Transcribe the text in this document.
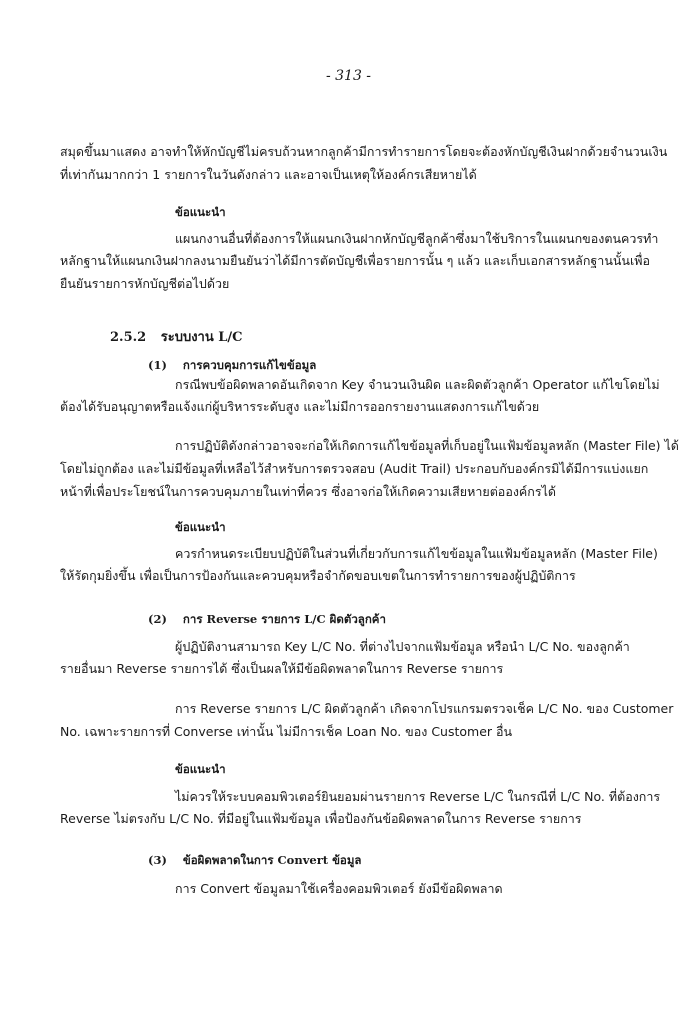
- 313 -
สมุดขึ้นมาแสดง อาจทำให้หักบัญชีไม่ครบถ้วนหากลูกค้ามีการทำรายการโดยจะต้องหักบัญชีเงินฝากด้วยจำนวนเงิน
ที่เท่ากันมากกว่า 1 รายการในวันดังกล่าว และอาจเป็นเหตุให้องค์กรเสียหายได้
ข้อแนะนำ
แผนกงานอื่นที่ต้องการให้แผนกเงินฝากหักบัญชีลูกค้าซึ่งมาใช้บริการในแผนกของตนควรทำ
หลักฐานให้แผนกเงินฝากลงนามยืนยันว่าได้มีการตัดบัญชีเพื่อรายการนั้น ๆ แล้ว และเก็บเอกสารหลักฐานนั้นเพื่อ
ยืนยันรายการหักบัญชีต่อไปด้วย
2.5.2 ระบบงาน L/C
(1) การควบคุมการแก้ไขข้อมูล
กรณีพบข้อผิดพลาดอันเกิดจาก Key จำนวนเงินผิด และผิดตัวลูกค้า Operator แก้ไขโดยไม่
ต้องได้รับอนุญาตหรือแจ้งแก่ผู้บริหารระดับสูง และไม่มีการออกรายงานแสดงการแก้ไขด้วย
การปฏิบัติดังกล่าวอาจจะก่อให้เกิดการแก้ไขข้อมูลที่เก็บอยู่ในแฟ้มข้อมูลหลัก (Master File) ได้
โดยไม่ถูกต้อง และไม่มีข้อมูลที่เหลือไว้สำหรับการตรวจสอบ (Audit Trail) ประกอบกับองค์กรมิได้มีการแบ่งแยก
หน้าที่เพื่อประโยชน์ในการควบคุมภายในเท่าที่ควร ซึ่งอาจก่อให้เกิดความเสียหายต่อองค์กรได้
ข้อแนะนำ
ควรกำหนดระเบียบปฏิบัติในส่วนที่เกี่ยวกับการแก้ไขข้อมูลในแฟ้มข้อมูลหลัก (Master File)
ให้รัดกุมยิ่งขึ้น เพื่อเป็นการป้องกันและควบคุมหรือจำกัดขอบเขตในการทำรายการของผู้ปฏิบัติการ
(2) การ Reverse รายการ L/C ผิดตัวลูกค้า
ผู้ปฏิบัติงานสามารถ Key L/C No. ที่ต่างไปจากแฟ้มข้อมูล หรือนำ L/C No. ของลูกค้า
รายอื่นมา Reverse รายการได้ ซึ่งเป็นผลให้มีข้อผิดพลาดในการ Reverse รายการ
การ Reverse รายการ L/C ผิดตัวลูกค้า เกิดจากโปรแกรมตรวจเช็ค L/C No. ของ Customer
No. เฉพาะรายการที่ Converse เท่านั้น ไม่มีการเช็ค Loan No. ของ Customer อื่น
ข้อแนะนำ
ไม่ควรให้ระบบคอมพิวเตอร์ยินยอมผ่านรายการ Reverse L/C ในกรณีที่ L/C No. ที่ต้องการ
Reverse ไม่ตรงกับ L/C No. ที่มีอยู่ในแฟ้มข้อมูล เพื่อป้องกันข้อผิดพลาดในการ Reverse รายการ
(3) ข้อผิดพลาดในการ Convert ข้อมูล
การ Convert ข้อมูลมาใช้เครื่องคอมพิวเตอร์ ยังมีข้อผิดพลาด
